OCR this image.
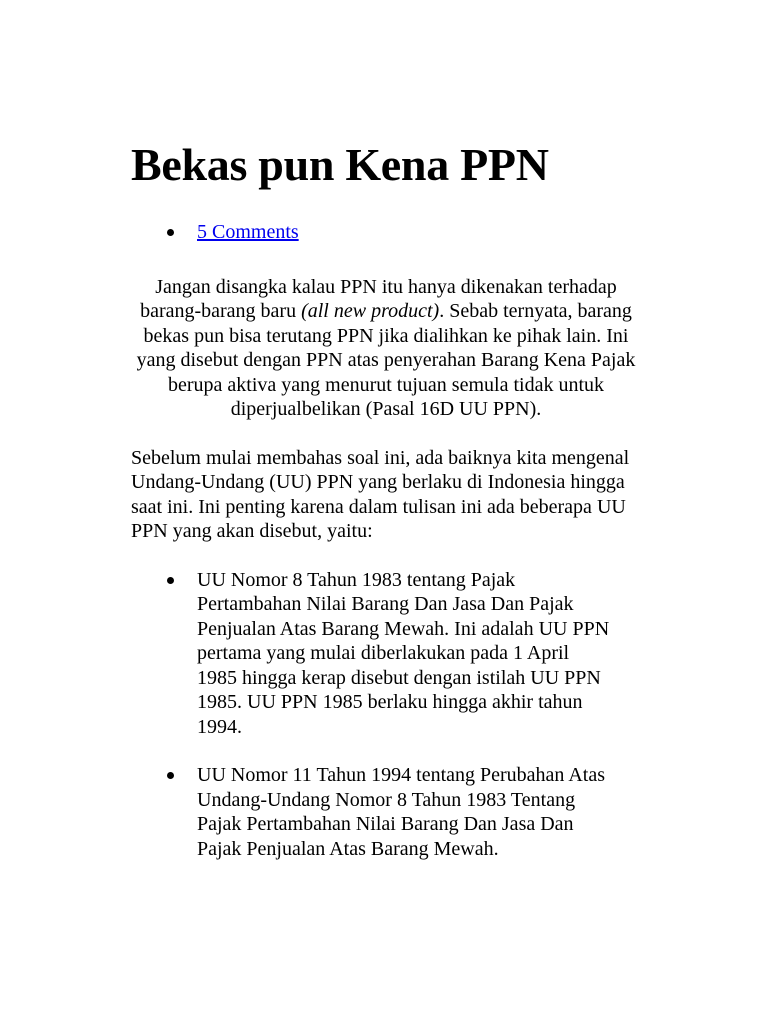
Bekas pun Kena PPN
5 Comments

Jangan disangka kalau PPN itu hanya dikenakan terhadap barang-barang baru (all new product). Sebab ternyata, barang bekas pun bisa terutang PPN jika dialihkan ke pihak lain. Ini yang disebut dengan PPN atas penyerahan Barang Kena Pajak berupa aktiva yang menurut tujuan semula tidak untuk diperjualbelikan (Pasal 16D UU PPN).

Sebelum mulai membahas soal ini, ada baiknya kita mengenal Undang-Undang (UU) PPN yang berlaku di Indonesia hingga saat ini. Ini penting karena dalam tulisan ini ada beberapa UU PPN yang akan disebut, yaitu:

UU Nomor 8 Tahun 1983 tentang Pajak Pertambahan Nilai Barang Dan Jasa Dan Pajak Penjualan Atas Barang Mewah. Ini adalah UU PPN pertama yang mulai diberlakukan pada 1 April 1985 hingga kerap disebut dengan istilah UU PPN 1985. UU PPN 1985 berlaku hingga akhir tahun 1994.
UU Nomor 11 Tahun 1994 tentang Perubahan Atas Undang-Undang Nomor 8 Tahun 1983 Tentang Pajak Pertambahan Nilai Barang Dan Jasa Dan Pajak Penjualan Atas Barang Mewah.
